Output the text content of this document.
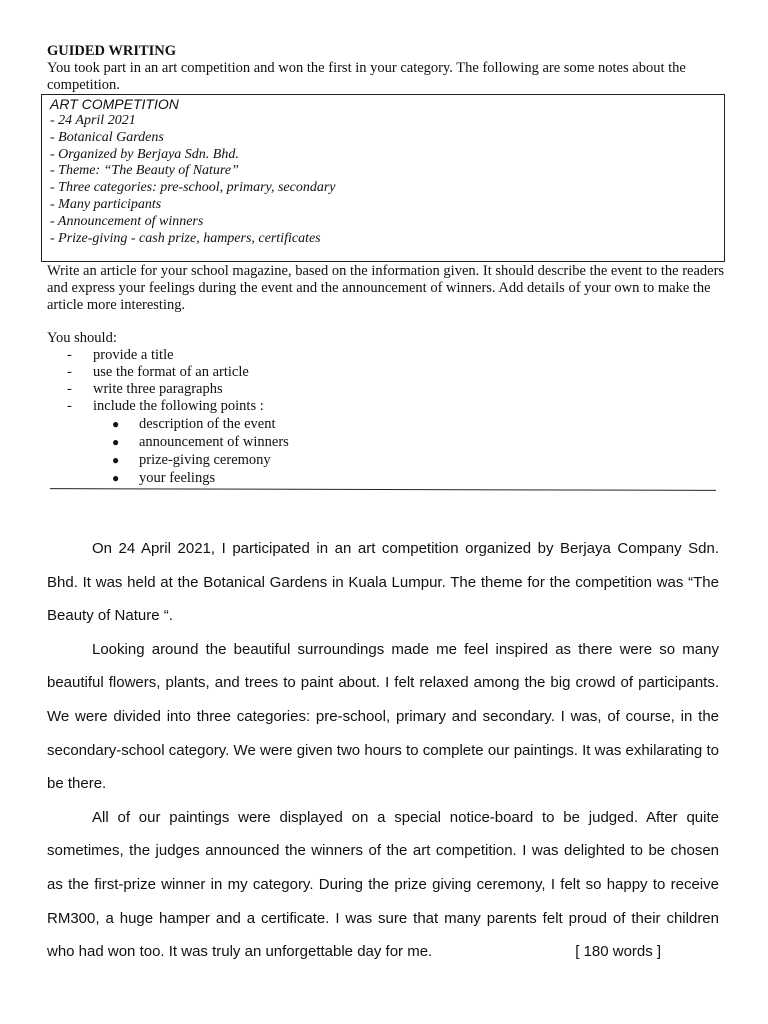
GUIDED WRITING
You took part in an art competition and won the first in your category. The following are some notes about the competition.
ART COMPETITION
- 24 April 2021
- Botanical Gardens
- Organized by Berjaya Sdn. Bhd.
- Theme: “The Beauty of Nature”
- Three categories: pre-school, primary, secondary
- Many participants
- Announcement of winners
- Prize-giving - cash prize, hampers, certificates
Write an article for your school magazine, based on the information given. It should describe the event to the readers and express your feelings during the event and the announcement of winners. Add details of your own to make the article more interesting.
You should:
- provide a title
- use the format of an article
- write three paragraphs
- include the following points :
● description of the event
● announcement of winners
● prize-giving ceremony
● your feelings

On 24 April 2021, I participated in an art competition organized by Berjaya Company Sdn. Bhd. It was held at the Botanical Gardens in Kuala Lumpur. The theme for the competition was “The Beauty of Nature “.

Looking around the beautiful surroundings made me feel inspired as there were so many beautiful flowers, plants, and trees to paint about. I felt relaxed among the big crowd of participants. We were divided into three categories: pre-school, primary and secondary. I was, of course, in the secondary-school category. We were given two hours to complete our paintings. It was exhilarating to be there.

All of our paintings were displayed on a special notice-board to be judged. After quite sometimes, the judges announced the winners of the art competition. I was delighted to be chosen as the first-prize winner in my category. During the prize giving ceremony, I felt so happy to receive RM300, a huge hamper and a certificate. I was sure that many parents felt proud of their children who had won too. It was truly an unforgettable day for me.	[ 180 words ]
